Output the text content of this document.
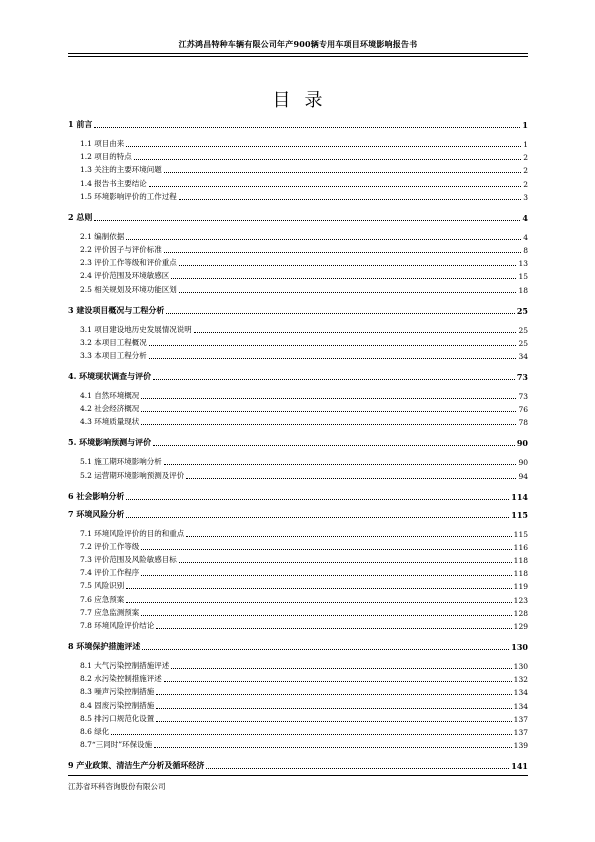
江苏鸿昌特种车辆有限公司年产900辆专用车项目环境影响报告书
目录
1 前言	1
1.1 项目由来	1
1.2 项目的特点	2
1.3 关注的主要环境问题	2
1.4 报告书主要结论	2
1.5 环境影响评价的工作过程	3
2 总则	4
2.1 编制依据	4
2.2 评价因子与评价标准	8
2.3 评价工作等级和评价重点	13
2.4 评价范围及环境敏感区	15
2.5 相关规划及环境功能区划	18
3 建设项目概况与工程分析	25
3.1 项目建设地历史发展情况说明	25
3.2 本项目工程概况	25
3.3 本项目工程分析	34
4. 环境现状调查与评价	73
4.1 自然环境概况	73
4.2 社会经济概况	76
4.3 环境质量现状	78
5. 环境影响预测与评价	90
5.1 施工期环境影响分析	90
5.2 运营期环境影响预测及评价	94
6 社会影响分析	114
7 环境风险分析	115
7.1 环境风险评价的目的和重点	115
7.2 评价工作等级	116
7.3 评价范围及风险敏感目标	118
7.4 评价工作程序	118
7.5 风险识别	119
7.6 应急预案	123
7.7 应急监测预案	128
7.8 环境风险评价结论	129
8 环境保护措施评述	130
8.1 大气污染控制措施评述	130
8.2 水污染控制措施评述	132
8.3 噪声污染控制措施	134
8.4 固废污染控制措施	134
8.5 排污口规范化设置	137
8.6 绿化	137
8.7“三同时”环保设施	139
9 产业政策、清洁生产分析及循环经济	141
江苏省环科咨询股份有限公司
